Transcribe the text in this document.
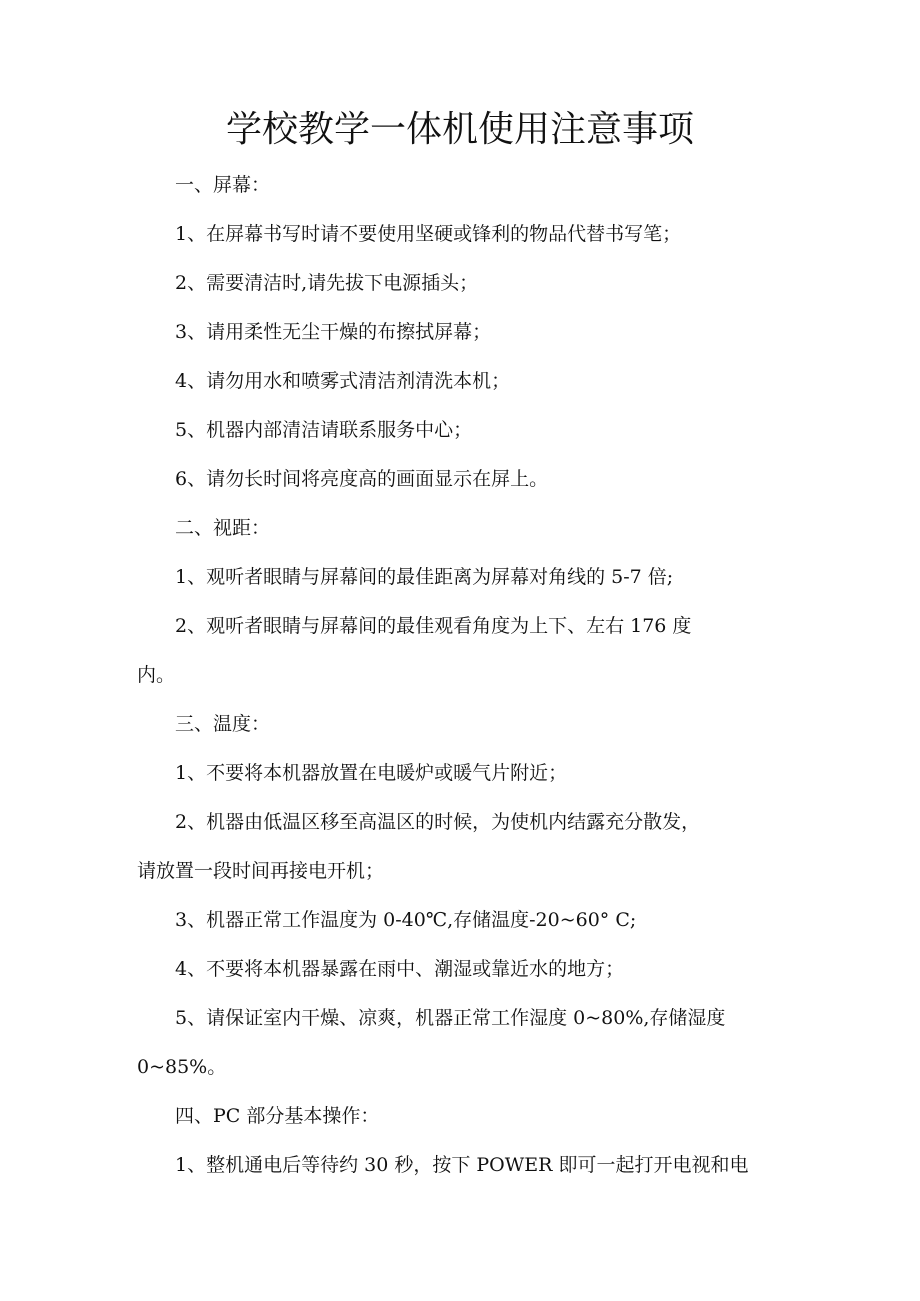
学校教学一体机使用注意事项
一、屏幕：
1、在屏幕书写时请不要使用坚硬或锋利的物品代替书写笔；
2、需要清洁时,请先拔下电源插头；
3、请用柔性无尘干燥的布擦拭屏幕；
4、请勿用水和喷雾式清洁剂清洗本机；
5、机器内部清洁请联系服务中心；
6、请勿长时间将亮度高的画面显示在屏上。
二、视距：
1、观听者眼睛与屏幕间的最佳距离为屏幕对角线的 5-7 倍;
2、观听者眼睛与屏幕间的最佳观看角度为上下、左右 176 度
内。
三、温度：
1、不要将本机器放置在电暖炉或暖气片附近；
2、机器由低温区移至高温区的时候，为使机内结露充分散发，
请放置一段时间再接电开机；
3、机器正常工作温度为 0-40℃,存储温度-20~60° C;
4、不要将本机器暴露在雨中、潮湿或靠近水的地方；
5、请保证室内干燥、凉爽，机器正常工作湿度 0~80%,存储湿度
0~85%。
四、PC 部分基本操作：
1、整机通电后等待约 30 秒，按下 POWER 即可一起打开电视和电
